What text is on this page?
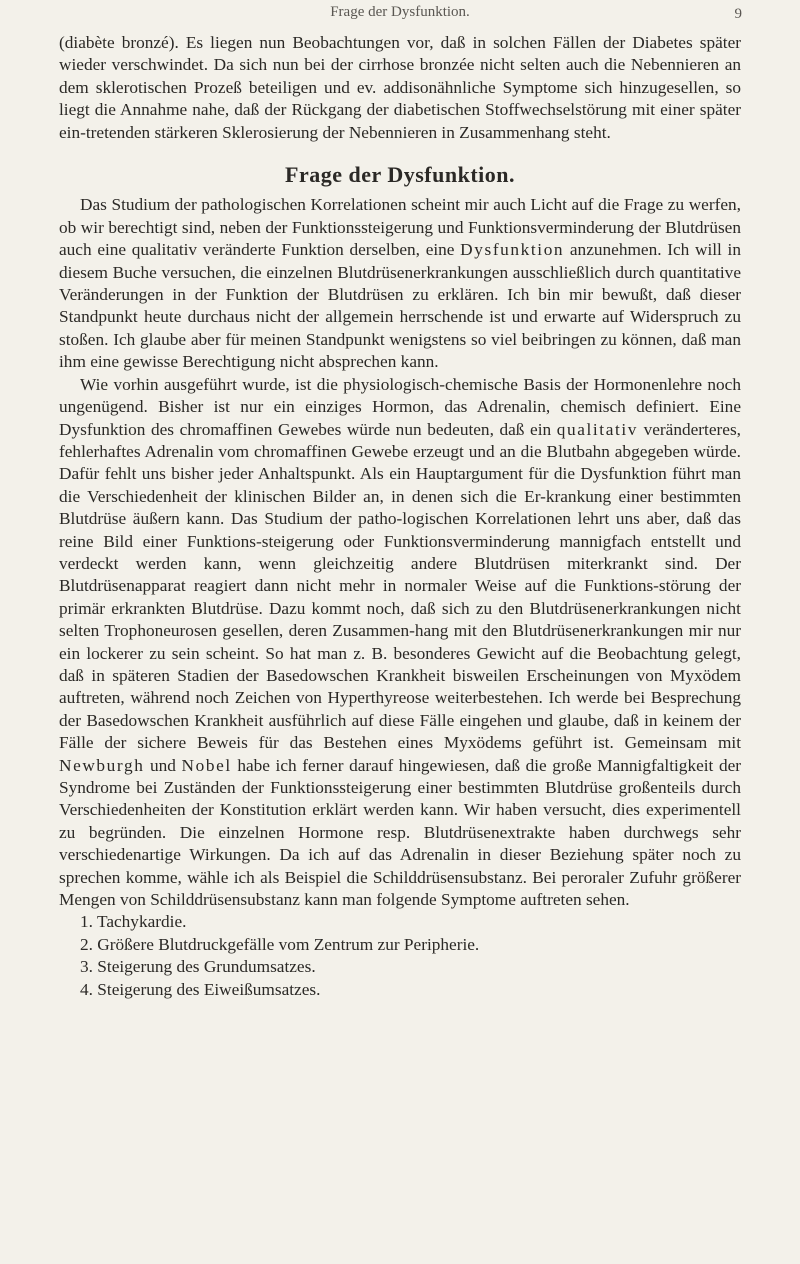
Frage der Dysfunktion.	9

(diabète bronzé). Es liegen nun Beobachtungen vor, daß in solchen Fällen der Diabetes später wieder verschwindet. Da sich nun bei der cirrhose bronzée nicht selten auch die Nebennieren an dem sklerotischen Prozeß beteiligen und ev. addisonähnliche Symptome sich hinzugesellen, so liegt die Annahme nahe, daß der Rückgang der diabetischen Stoffwechselstörung mit einer später ein-tretenden stärkeren Sklerosierung der Nebennieren in Zusammenhang steht.

Frage der Dysfunktion.

Das Studium der pathologischen Korrelationen scheint mir auch Licht auf die Frage zu werfen, ob wir berechtigt sind, neben der Funktionssteigerung und Funktionsverminderung der Blutdrüsen auch eine qualitativ veränderte Funktion derselben, eine Dysfunktion anzunehmen. Ich will in diesem Buche versuchen, die einzelnen Blutdrüsenerkrankungen ausschließlich durch quantitative Veränderungen in der Funktion der Blutdrüsen zu erklären. Ich bin mir bewußt, daß dieser Standpunkt heute durchaus nicht der allgemein herrschende ist und erwarte auf Widerspruch zu stoßen. Ich glaube aber für meinen Standpunkt wenigstens so viel beibringen zu können, daß man ihm eine gewisse Berechtigung nicht absprechen kann.

Wie vorhin ausgeführt wurde, ist die physiologisch-chemische Basis der Hormonenlehre noch ungenügend. Bisher ist nur ein einziges Hormon, das Adrenalin, chemisch definiert. Eine Dysfunktion des chromaffinen Gewebes würde nun bedeuten, daß ein qualitativ veränderteres, fehlerhaftes Adrenalin vom chromaffinen Gewebe erzeugt und an die Blutbahn abgegeben würde. Dafür fehlt uns bisher jeder Anhaltspunkt. Als ein Hauptargument für die Dysfunktion führt man die Verschiedenheit der klinischen Bilder an, in denen sich die Er-krankung einer bestimmten Blutdrüse äußern kann. Das Studium der patho-logischen Korrelationen lehrt uns aber, daß das reine Bild einer Funktions-steigerung oder Funktionsverminderung mannigfach entstellt und verdeckt werden kann, wenn gleichzeitig andere Blutdrüsen miterkrankt sind. Der Blutdrüsenapparat reagiert dann nicht mehr in normaler Weise auf die Funktions-störung der primär erkrankten Blutdrüse. Dazu kommt noch, daß sich zu den Blutdrüsenerkrankungen nicht selten Trophoneurosen gesellen, deren Zusammen-hang mit den Blutdrüsenerkrankungen mir nur ein lockerer zu sein scheint. So hat man z. B. besonderes Gewicht auf die Beobachtung gelegt, daß in späteren Stadien der Basedowschen Krankheit bisweilen Erscheinungen von Myxödem auftreten, während noch Zeichen von Hyperthyreose weiterbestehen. Ich werde bei Besprechung der Basedowschen Krankheit ausführlich auf diese Fälle eingehen und glaube, daß in keinem der Fälle der sichere Beweis für das Bestehen eines Myxödems geführt ist. Gemeinsam mit Newburgh und Nobel habe ich ferner darauf hingewiesen, daß die große Mannigfaltigkeit der Syndrome bei Zuständen der Funktionssteigerung einer bestimmten Blutdrüse großenteils durch Verschiedenheiten der Konstitution erklärt werden kann. Wir haben versucht, dies experimentell zu begründen. Die einzelnen Hormone resp. Blutdrüsenextrakte haben durchwegs sehr verschiedenartige Wirkungen. Da ich auf das Adrenalin in dieser Beziehung später noch zu sprechen komme, wähle ich als Beispiel die Schilddrüsensubstanz. Bei peroraler Zufuhr größerer Mengen von Schilddrüsensubstanz kann man folgende Symptome auftreten sehen.

1. Tachykardie.
2. Größere Blutdruckgefälle vom Zentrum zur Peripherie.
3. Steigerung des Grundumsatzes.
4. Steigerung des Eiweißumsatzes.
